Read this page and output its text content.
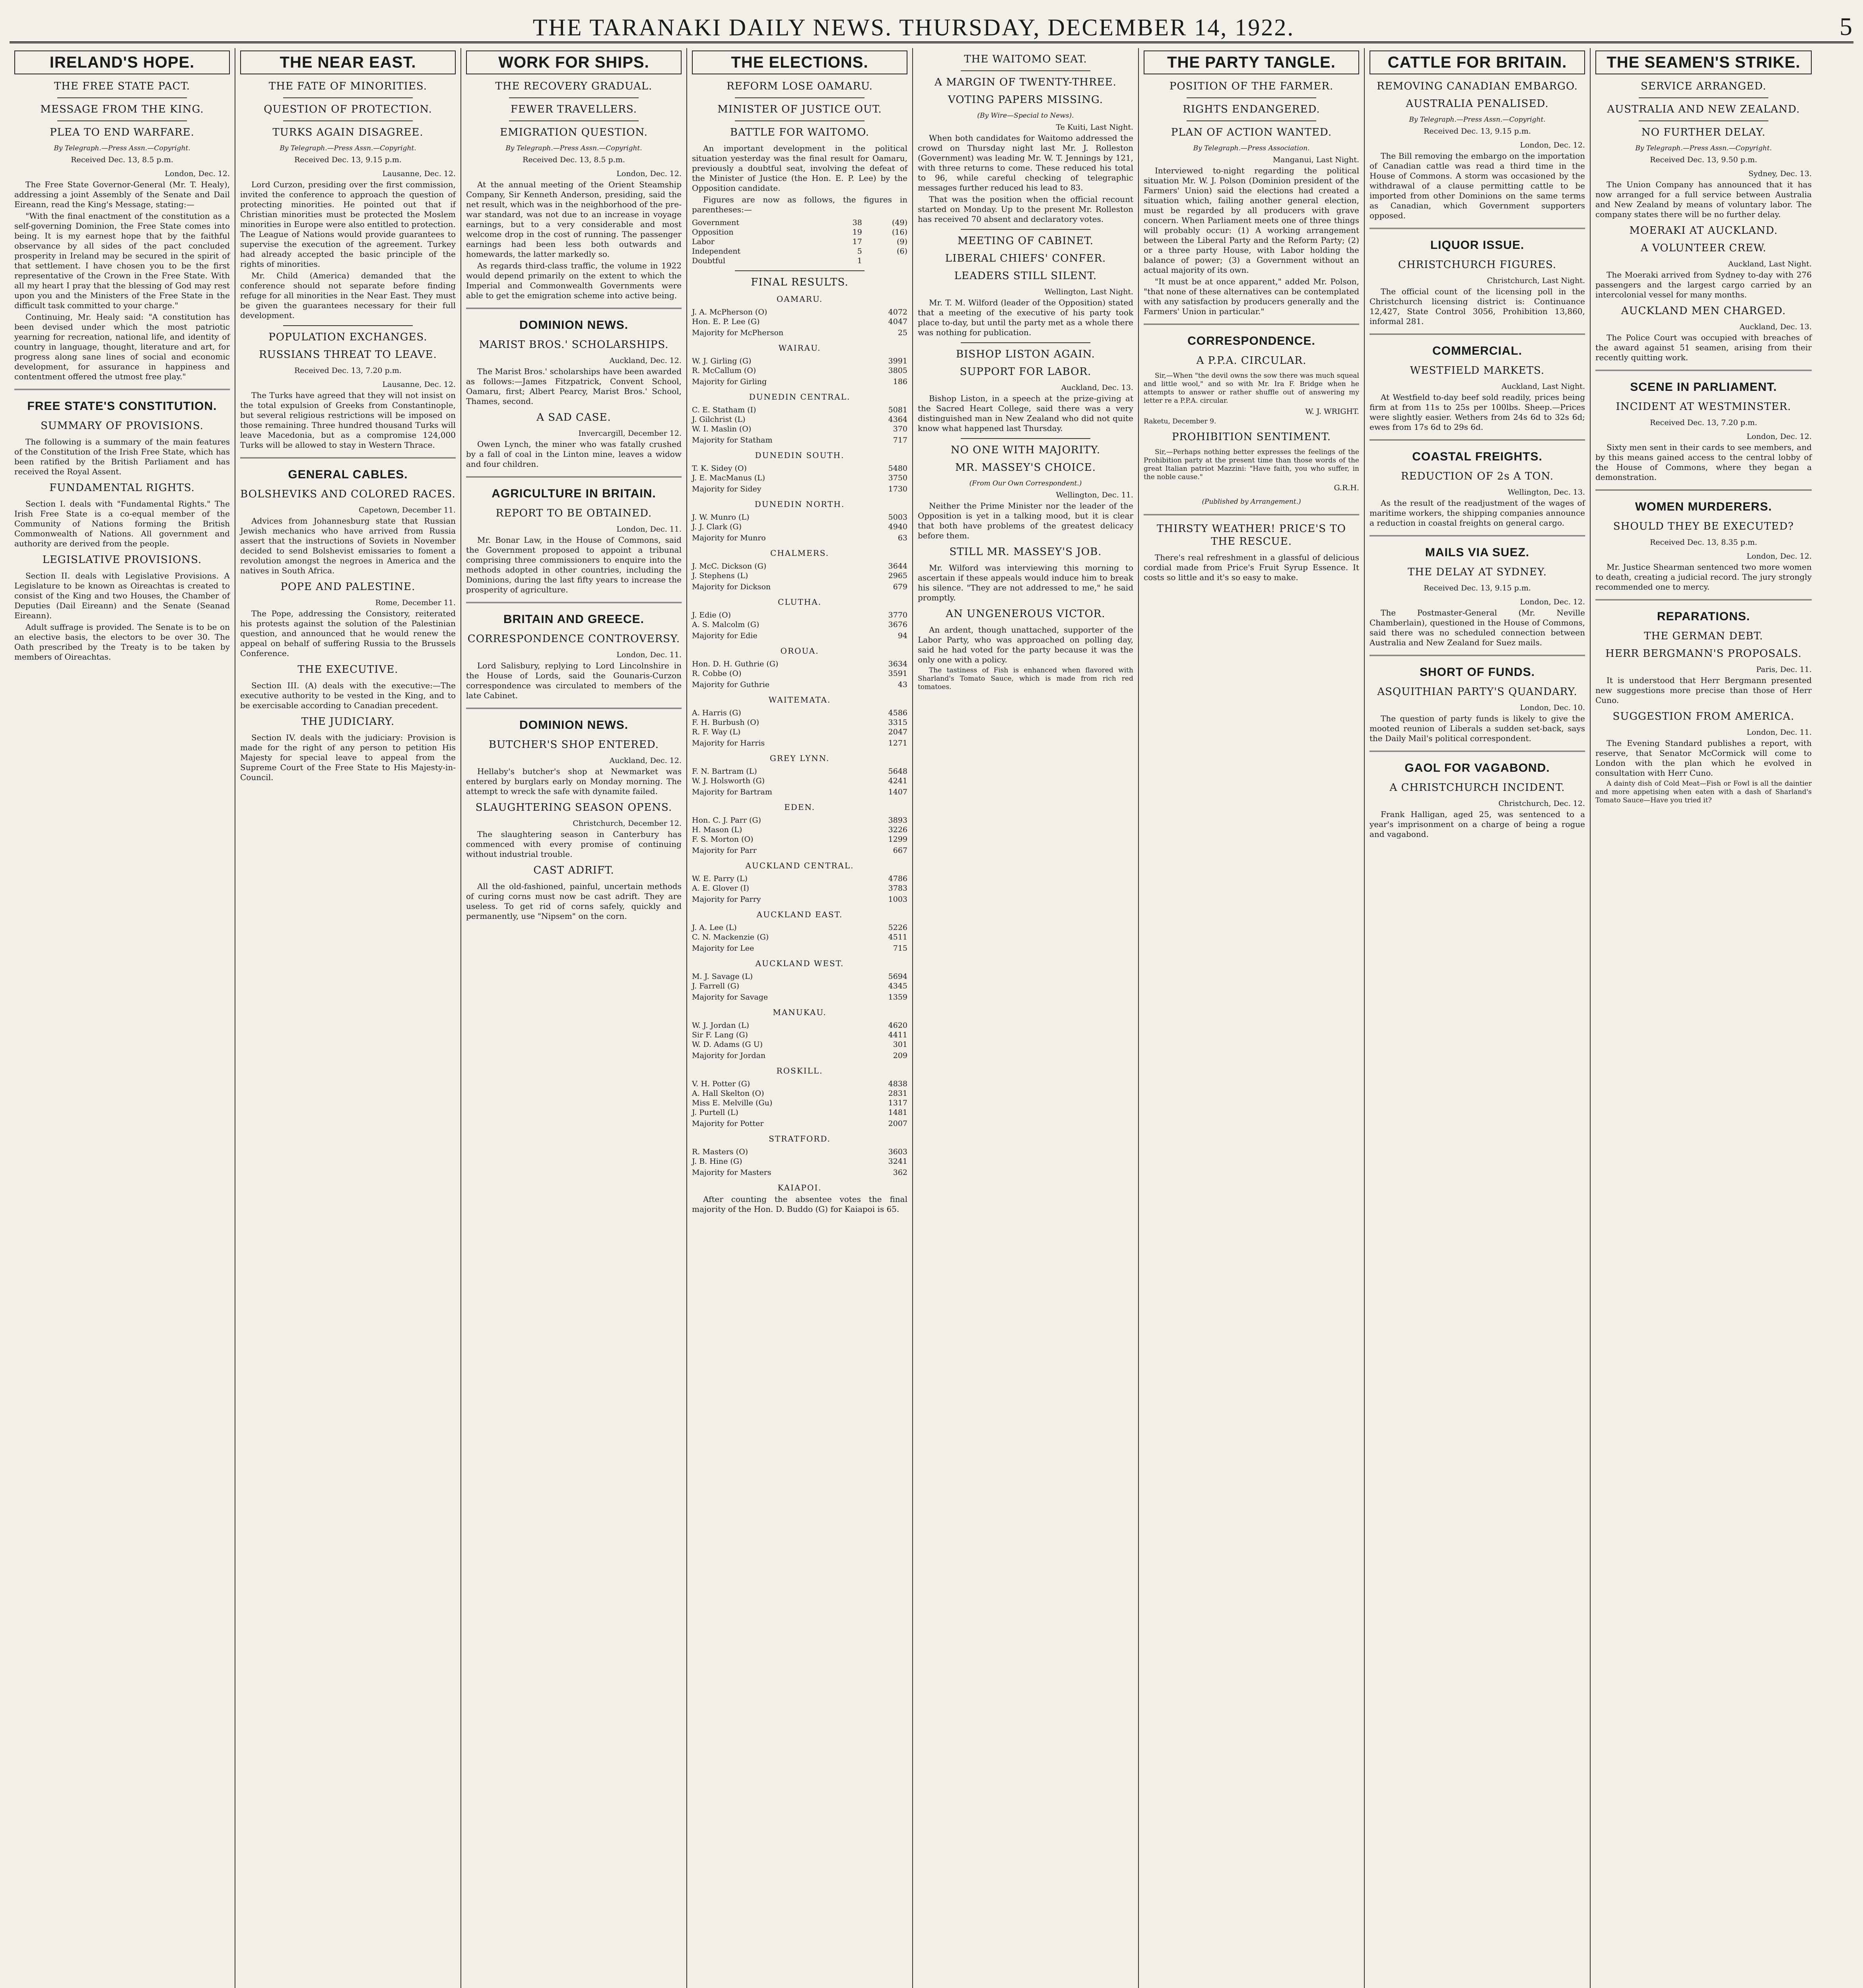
THE TARANAKI DAILY NEWS. THURSDAY, DECEMBER 14, 1922.	5
IRELAND'S HOPE.
THE FREE STATE PACT.
MESSAGE FROM THE KING.
PLEA TO END WARFARE.
By Telegraph.—Press Assn.—Copyright.
Received Dec. 13, 8.5 p.m.
London, Dec. 12.

The Free State Governor-General (Mr. T. Healy), addressing a joint Assembly of the Senate and Dail Eireann, read the King's Message, stating:—

"With the final enactment of the constitution as a self-governing Dominion, the Free State comes into being. It is my earnest hope that by the faithful observance by all sides of the pact concluded prosperity in Ireland may be secured in the spirit of that settlement. I have chosen you to be the first representative of the Crown in the Free State. With all my heart I pray that the blessing of God may rest upon you and the Ministers of the Free State in the difficult task committed to your charge."

Continuing, Mr. Healy said: "A constitution has been devised under which the most patriotic yearning for recreation, national life, and identity of country in language, thought, literature and art, for progress along sane lines of social and economic development, for assurance in happiness and contentment offered the utmost free play."

FREE STATE'S CONSTITUTION.
SUMMARY OF PROVISIONS.

The following is a summary of the main features of the Constitution of the Irish Free State, which has been ratified by the British Parliament and has received the Royal Assent.

FUNDAMENTAL RIGHTS.

Section I. deals with "Fundamental Rights." The Irish Free State is a co-equal member of the Community of Nations forming the British Commonwealth of Nations. All government and authority are derived from the people.

LEGISLATIVE PROVISIONS.

Section II. deals with Legislative Provisions. A Legislature to be known as Oireachtas is created to consist of the King and two Houses, the Chamber of Deputies (Dail Eireann) and the Senate (Seanad Eireann).

Adult suffrage is provided. The Senate is to be on an elective basis, the electors to be over 30. The Oath prescribed by the Treaty is to be taken by members of Oireachtas.

THE NEAR EAST.
THE FATE OF MINORITIES.
QUESTION OF PROTECTION.
TURKS AGAIN DISAGREE.
By Telegraph.—Press Assn.—Copyright.
Received Dec. 13, 9.15 p.m.
Lausanne, Dec. 12.

Lord Curzon, presiding over the first commission, invited the conference to approach the question of protecting minorities. He pointed out that if Christian minorities must be protected the Moslem minorities in Europe were also entitled to protection. The League of Nations would provide guarantees to supervise the execution of the agreement. Turkey had already accepted the basic principle of the rights of minorities.

Mr. Child (America) demanded that the conference should not separate before finding refuge for all minorities in the Near East. They must be given the guarantees necessary for their full development.

POPULATION EXCHANGES.
RUSSIANS THREAT TO LEAVE.
Received Dec. 13, 7.20 p.m.
Lausanne, Dec. 12.

The Turks have agreed that they will not insist on the total expulsion of Greeks from Constantinople, but several religious restrictions will be imposed on those remaining. Three hundred thousand Turks will leave Macedonia, but as a compromise 124,000 Turks will be allowed to stay in Western Thrace.

GENERAL CABLES.
BOLSHEVIKS AND COLORED RACES.
Capetown, December 11.

Advices from Johannesburg state that Russian Jewish mechanics who have arrived from Russia assert that the instructions of Soviets in November decided to send Bolshevist emissaries to foment a revolution amongst the negroes in America and the natives in South Africa.

POPE AND PALESTINE.
Rome, December 11.

The Pope, addressing the Consistory, reiterated his protests against the solution of the Palestinian question, and announced that he would renew the appeal on behalf of suffering Russia to the Brussels Conference.

THE EXECUTIVE.

Section III. (A) deals with the executive:—The executive authority to be vested in the King, and to be exercisable according to Canadian precedent.

THE JUDICIARY.

Section IV. deals with the judiciary: Provision is made for the right of any person to petition His Majesty for special leave to appeal from the Supreme Court of the Free State to His Majesty-in-Council.

WORK FOR SHIPS.
THE RECOVERY GRADUAL.
FEWER TRAVELLERS.
EMIGRATION QUESTION.
By Telegraph.—Press Assn.—Copyright.
Received Dec. 13, 8.5 p.m.
London, Dec. 12.

At the annual meeting of the Orient Steamship Company, Sir Kenneth Anderson, presiding, said the net result, which was in the neighborhood of the pre-war standard, was not due to an increase in voyage earnings, but to a very considerable and most welcome drop in the cost of running. The passenger earnings had been less both outwards and homewards, the latter markedly so.

As regards third-class traffic, the volume in 1922 would depend primarily on the extent to which the Imperial and Commonwealth Governments were able to get the emigration scheme into active being.

DOMINION NEWS.
MARIST BROS.' SCHOLARSHIPS.
Auckland, Dec. 12.

The Marist Bros.' scholarships have been awarded as follows:—James Fitzpatrick, Convent School, Oamaru, first; Albert Pearcy, Marist Bros.' School, Thames, second.

A SAD CASE.
Invercargill, December 12.

Owen Lynch, the miner who was fatally crushed by a fall of coal in the Linton mine, leaves a widow and four children.

AGRICULTURE IN BRITAIN.
REPORT TO BE OBTAINED.
London, Dec. 11.

Mr. Bonar Law, in the House of Commons, said the Government proposed to appoint a tribunal comprising three commissioners to enquire into the methods adopted in other countries, including the Dominions, during the last fifty years to increase the prosperity of agriculture.

BRITAIN AND GREECE.
CORRESPONDENCE CONTROVERSY.
London, Dec. 11.

Lord Salisbury, replying to Lord Lincolnshire in the House of Lords, said the Gounaris-Curzon correspondence was circulated to members of the late Cabinet.

DOMINION NEWS.
BUTCHER'S SHOP ENTERED.
Auckland, Dec. 12.

Hellaby's butcher's shop at Newmarket was entered by burglars early on Monday morning. The attempt to wreck the safe with dynamite failed.

SLAUGHTERING SEASON OPENS.
Christchurch, December 12.

The slaughtering season in Canterbury has commenced with every promise of continuing without industrial trouble.

CAST ADRIFT.

All the old-fashioned, painful, uncertain methods of curing corns must now be cast adrift. They are useless. To get rid of corns safely, quickly and permanently, use "Nipsem" on the corn.

THE ELECTIONS.
REFORM LOSE OAMARU.
MINISTER OF JUSTICE OUT.
BATTLE FOR WAITOMO.

An important development in the political situation yesterday was the final result for Oamaru, previously a doubtful seat, involving the defeat of the Minister of Justice (the Hon. E. P. Lee) by the Opposition candidate.

Figures are now as follows, the figures in parentheses:—

Government	38	(49)
Opposition	19	(16)
Labor	17	(9)
Independent	5	(6)
Doubtful	1	
FINAL RESULTS.
OAMARU.
J. A. McPherson (O)	4072
Hon. E. P. Lee (G)	4047
Majority for McPherson	25
WAIRAU.
W. J. Girling (G)	3991
R. McCallum (O)	3805
Majority for Girling	186
DUNEDIN CENTRAL.
C. E. Statham (I)	5081
J. Gilchrist (L)	4364
W. I. Maslin (O)	370
Majority for Statham	717
DUNEDIN SOUTH.
T. K. Sidey (O)	5480
J. E. MacManus (L)	3750
Majority for Sidey	1730
DUNEDIN NORTH.
J. W. Munro (L)	5003
J. J. Clark (G)	4940
Majority for Munro	63
CHALMERS.
J. McC. Dickson (G)	3644
J. Stephens (L)	2965
Majority for Dickson	679
CLUTHA.
J. Edie (O)	3770
A. S. Malcolm (G)	3676
Majority for Edie	94
OROUA.
Hon. D. H. Guthrie (G)	3634
R. Cobbe (O)	3591
Majority for Guthrie	43
WAITEMATA.
A. Harris (G)	4586
F. H. Burbush (O)	3315
R. F. Way (L)	2047
Majority for Harris	1271
GREY LYNN.
F. N. Bartram (L)	5648
W. J. Holsworth (G)	4241
Majority for Bartram	1407
EDEN.
Hon. C. J. Parr (G)	3893
H. Mason (L)	3226
F. S. Morton (O)	1299
Majority for Parr	667
AUCKLAND CENTRAL.
W. E. Parry (L)	4786
A. E. Glover (I)	3783
Majority for Parry	1003
AUCKLAND EAST.
J. A. Lee (L)	5226
C. N. Mackenzie (G)	4511
Majority for Lee	715
AUCKLAND WEST.
M. J. Savage (L)	5694
J. Farrell (G)	4345
Majority for Savage	1359
MANUKAU.
W. J. Jordan (L)	4620
Sir F. Lang (G)	4411
W. D. Adams (G U)	301
Majority for Jordan	209
ROSKILL.
V. H. Potter (G)	4838
A. Hall Skelton (O)	2831
Miss E. Melville (Gu)	1317
J. Purtell (L)	1481
Majority for Potter	2007
STRATFORD.
R. Masters (O)	3603
J. B. Hine (G)	3241
Majority for Masters	362
KAIAPOI.

After counting the absentee votes the final majority of the Hon. D. Buddo (G) for Kaiapoi is 65.

THE WAITOMO SEAT.
A MARGIN OF TWENTY-THREE.
VOTING PAPERS MISSING.
(By Wire—Special to News).
Te Kuiti, Last Night.

When both candidates for Waitomo addressed the crowd on Thursday night last Mr. J. Rolleston (Government) was leading Mr. W. T. Jennings by 121, with three returns to come. These reduced his total to 96, while careful checking of telegraphic messages further reduced his lead to 83.

That was the position when the official recount started on Monday. Up to the present Mr. Rolleston has received 70 absent and declaratory votes.

MEETING OF CABINET.
LIBERAL CHIEFS' CONFER.
LEADERS STILL SILENT.
Wellington, Last Night.

Mr. T. M. Wilford (leader of the Opposition) stated that a meeting of the executive of his party took place to-day, but until the party met as a whole there was nothing for publication.

BISHOP LISTON AGAIN.
SUPPORT FOR LABOR.
Auckland, Dec. 13.

Bishop Liston, in a speech at the prize-giving at the Sacred Heart College, said there was a very distinguished man in New Zealand who did not quite know what happened last Thursday.

NO ONE WITH MAJORITY.
MR. MASSEY'S CHOICE.
(From Our Own Correspondent.)
Wellington, Dec. 11.

Neither the Prime Minister nor the leader of the Opposition is yet in a talking mood, but it is clear that both have problems of the greatest delicacy before them.

STILL MR. MASSEY'S JOB.

Mr. Wilford was interviewing this morning to ascertain if these appeals would induce him to break his silence. "They are not addressed to me," he said promptly.

AN UNGENEROUS VICTOR.

An ardent, though unattached, supporter of the Labor Party, who was approached on polling day, said he had voted for the party because it was the only one with a policy.

The tastiness of Fish is enhanced when flavored with Sharland's Tomato Sauce, which is made from rich red tomatoes.

THE PARTY TANGLE.
POSITION OF THE FARMER.
RIGHTS ENDANGERED.
PLAN OF ACTION WANTED.
By Telegraph.—Press Association.
Manganui, Last Night.

Interviewed to-night regarding the political situation Mr. W. J. Polson (Dominion president of the Farmers' Union) said the elections had created a situation which, failing another general election, must be regarded by all producers with grave concern. When Parliament meets one of three things will probably occur: (1) A working arrangement between the Liberal Party and the Reform Party; (2) or a three party House, with Labor holding the balance of power; (3) a Government without an actual majority of its own.

"It must be at once apparent," added Mr. Polson, "that none of these alternatives can be contemplated with any satisfaction by producers generally and the Farmers' Union in particular."

CORRESPONDENCE.
A P.P.A. CIRCULAR.

Sir,—When "the devil owns the sow there was much squeal and little wool," and so with Mr. Ira F. Bridge when he attempts to answer or rather shuffle out of answering my letter re a P.P.A. circular.

W. J. WRIGHT.
Raketu, December 9.
PROHIBITION SENTIMENT.

Sir,—Perhaps nothing better expresses the feelings of the Prohibition party at the present time than those words of the great Italian patriot Mazzini: "Have faith, you who suffer, in the noble cause."

G.R.H.
(Published by Arrangement.)
THIRSTY WEATHER! PRICE'S TO THE RESCUE.

There's real refreshment in a glassful of delicious cordial made from Price's Fruit Syrup Essence. It costs so little and it's so easy to make.

CATTLE FOR BRITAIN.
REMOVING CANADIAN EMBARGO.
AUSTRALIA PENALISED.
By Telegraph.—Press Assn.—Copyright.
Received Dec. 13, 9.15 p.m.
London, Dec. 12.

The Bill removing the embargo on the importation of Canadian cattle was read a third time in the House of Commons. A storm was occasioned by the withdrawal of a clause permitting cattle to be imported from other Dominions on the same terms as Canadian, which Government supporters opposed.

LIQUOR ISSUE.
CHRISTCHURCH FIGURES.
Christchurch, Last Night.

The official count of the licensing poll in the Christchurch licensing district is: Continuance 12,427, State Control 3056, Prohibition 13,860, informal 281.

COMMERCIAL.
WESTFIELD MARKETS.
Auckland, Last Night.

At Westfield to-day beef sold readily, prices being firm at from 11s to 25s per 100lbs. Sheep.—Prices were slightly easier. Wethers from 24s 6d to 32s 6d; ewes from 17s 6d to 29s 6d.

COASTAL FREIGHTS.
REDUCTION OF 2s A TON.
Wellington, Dec. 13.

As the result of the readjustment of the wages of maritime workers, the shipping companies announce a reduction in coastal freights on general cargo.

MAILS VIA SUEZ.
THE DELAY AT SYDNEY.
Received Dec. 13, 9.15 p.m.
London, Dec. 12.

The Postmaster-General (Mr. Neville Chamberlain), questioned in the House of Commons, said there was no scheduled connection between Australia and New Zealand for Suez mails.

SHORT OF FUNDS.
ASQUITHIAN PARTY'S QUANDARY.
London, Dec. 10.

The question of party funds is likely to give the mooted reunion of Liberals a sudden set-back, says the Daily Mail's political correspondent.

GAOL FOR VAGABOND.
A CHRISTCHURCH INCIDENT.
Christchurch, Dec. 12.

Frank Halligan, aged 25, was sentenced to a year's imprisonment on a charge of being a rogue and vagabond.

THE SEAMEN'S STRIKE.
SERVICE ARRANGED.
AUSTRALIA AND NEW ZEALAND.
NO FURTHER DELAY.
By Telegraph.—Press Assn.—Copyright.
Received Dec. 13, 9.50 p.m.
Sydney, Dec. 13.

The Union Company has announced that it has now arranged for a full service between Australia and New Zealand by means of voluntary labor. The company states there will be no further delay.

MOERAKI AT AUCKLAND.
A VOLUNTEER CREW.
Auckland, Last Night.

The Moeraki arrived from Sydney to-day with 276 passengers and the largest cargo carried by an intercolonial vessel for many months.

AUCKLAND MEN CHARGED.
Auckland, Dec. 13.

The Police Court was occupied with breaches of the award against 51 seamen, arising from their recently quitting work.

SCENE IN PARLIAMENT.
INCIDENT AT WESTMINSTER.
Received Dec. 13, 7.20 p.m.
London, Dec. 12.

Sixty men sent in their cards to see members, and by this means gained access to the central lobby of the House of Commons, where they began a demonstration.

WOMEN MURDERERS.
SHOULD THEY BE EXECUTED?
Received Dec. 13, 8.35 p.m.
London, Dec. 12.

Mr. Justice Shearman sentenced two more women to death, creating a judicial record. The jury strongly recommended one to mercy.

REPARATIONS.
THE GERMAN DEBT.
HERR BERGMANN'S PROPOSALS.
Paris, Dec. 11.

It is understood that Herr Bergmann presented new suggestions more precise than those of Herr Cuno.

SUGGESTION FROM AMERICA.
London, Dec. 11.

The Evening Standard publishes a report, with reserve, that Senator McCormick will come to London with the plan which he evolved in consultation with Herr Cuno.

A dainty dish of Cold Meat—Fish or Fowl is all the daintier and more appetising when eaten with a dash of Sharland's Tomato Sauce—Have you tried it?
